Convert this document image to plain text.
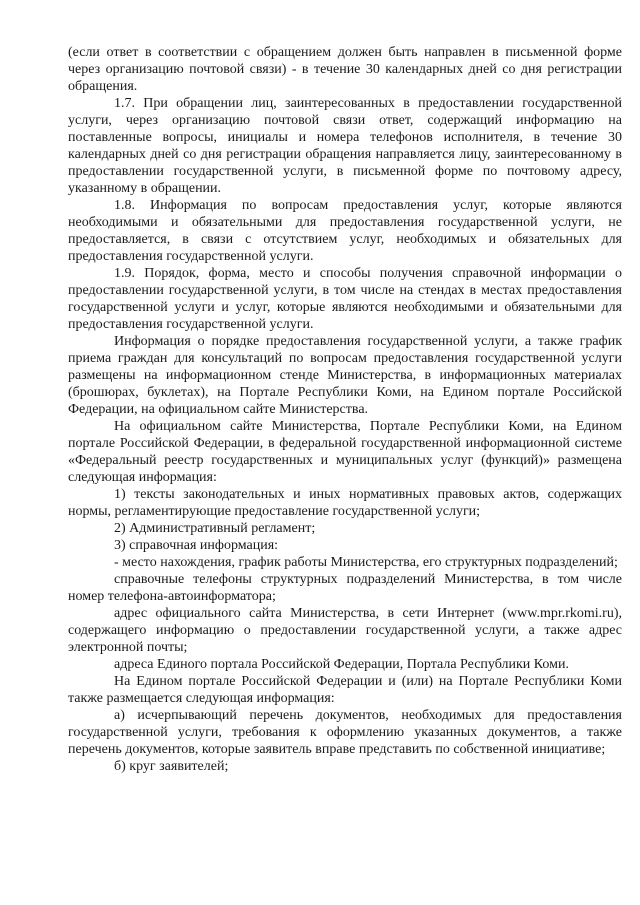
(если ответ в соответствии с обращением должен быть направлен в письменной форме через организацию почтовой связи) - в течение 30 календарных дней со дня регистрации обращения.

1.7. При обращении лиц, заинтересованных в предоставлении государственной услуги, через организацию почтовой связи ответ, содержащий информацию на поставленные вопросы, инициалы и номера телефонов исполнителя, в течение 30 календарных дней со дня регистрации обращения направляется лицу, заинтересованному в предоставлении государственной услуги, в письменной форме по почтовому адресу, указанному в обращении.

1.8. Информация по вопросам предоставления услуг, которые являются необходимыми и обязательными для предоставления государственной услуги, не предоставляется, в связи с отсутствием услуг, необходимых и обязательных для предоставления государственной услуги.

1.9. Порядок, форма, место и способы получения справочной информации о предоставлении государственной услуги, в том числе на стендах в местах предоставления государственной услуги и услуг, которые являются необходимыми и обязательными для предоставления государственной услуги.

Информация о порядке предоставления государственной услуги, а также график приема граждан для консультаций по вопросам предоставления государственной услуги размещены на информационном стенде Министерства, в информационных материалах (брошюрах, буклетах), на Портале Республики Коми, на Едином портале Российской Федерации, на официальном сайте Министерства.

На официальном сайте Министерства, Портале Республики Коми, на Едином портале Российской Федерации, в федеральной государственной информационной системе «Федеральный реестр государственных и муниципальных услуг (функций)» размещена следующая информация:

1) тексты законодательных и иных нормативных правовых актов, содержащих нормы, регламентирующие предоставление государственной услуги;

2) Административный регламент;

3) справочная информация:

- место нахождения, график работы Министерства, его структурных подразделений;

справочные телефоны структурных подразделений Министерства, в том числе номер телефона-автоинформатора;

адрес официального сайта Министерства, в сети Интернет (www.mpr.rkomi.ru), содержащего информацию о предоставлении государственной услуги, а также адрес электронной почты;

адреса Единого портала Российской Федерации, Портала Республики Коми.

На Едином портале Российской Федерации и (или) на Портале Республики Коми также размещается следующая информация:

а) исчерпывающий перечень документов, необходимых для предоставления государственной услуги, требования к оформлению указанных документов, а также перечень документов, которые заявитель вправе представить по собственной инициативе;

б) круг заявителей;
